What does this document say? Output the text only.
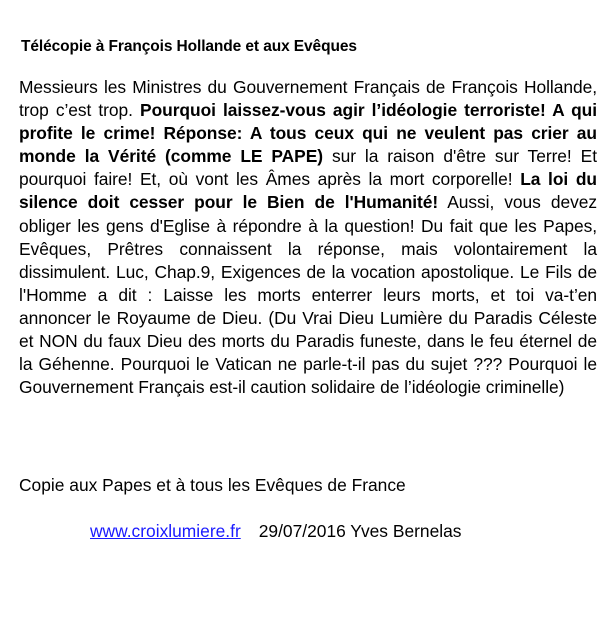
Télécopie à François Hollande et aux Evêques
Messieurs les Ministres du Gouvernement Français de François Hollande, trop c’est trop. Pourquoi laissez-vous agir l’idéologie terroriste! A qui profite le crime! Réponse: A tous ceux qui ne veulent pas crier au monde la Vérité (comme LE PAPE) sur la raison d'être sur Terre! Et pourquoi faire! Et, où vont les Âmes après la mort corporelle! La loi du silence doit cesser pour le Bien de l'Humanité! Aussi, vous devez obliger les gens d'Eglise à répondre à la question! Du fait que les Papes, Evêques, Prêtres connaissent la réponse, mais volontairement la dissimulent. Luc, Chap.9, Exigences de la vocation apostolique. Le Fils de l'Homme a dit : Laisse les morts enterrer leurs morts, et toi va-t’en annoncer le Royaume de Dieu. (Du Vrai Dieu Lumière du Paradis Céleste et NON du faux Dieu des morts du Paradis funeste, dans le feu éternel de la Géhenne. Pourquoi le Vatican ne parle-t-il pas du sujet ??? Pourquoi le Gouvernement Français est-il caution solidaire de l’idéologie criminelle)
Copie aux Papes et à tous les Evêques de France
www.croixlumiere.fr 29/07/2016 Yves Bernelas
